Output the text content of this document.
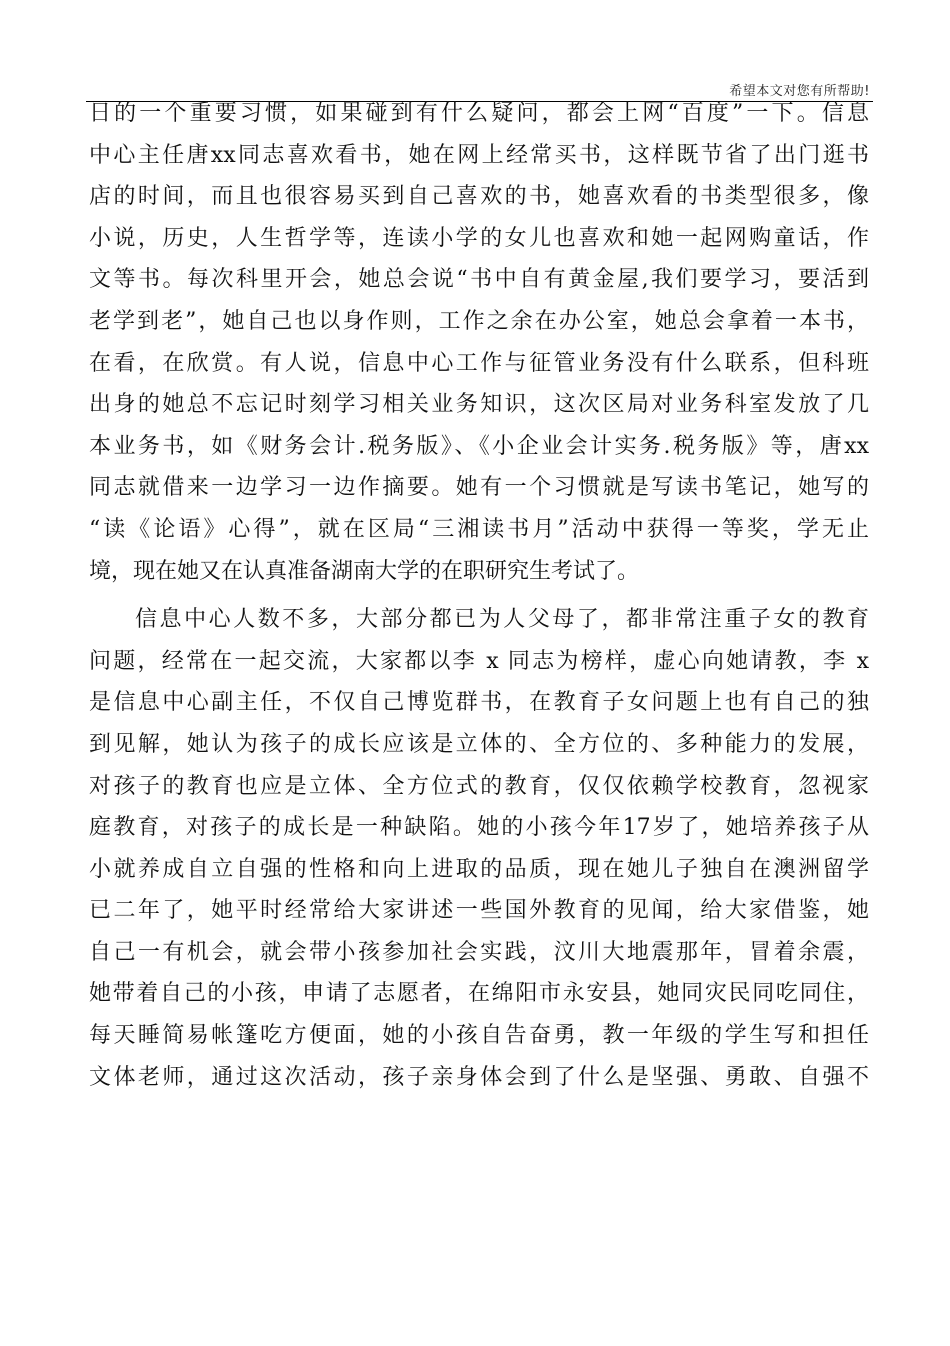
希望本文对您有所帮助!
日的一个重要习惯，如果碰到有什么疑问，都会上网“百度”一下。信息
中心主任唐xx同志喜欢看书，她在网上经常买书，这样既节省了出门逛书
店的时间，而且也很容易买到自己喜欢的书，她喜欢看的书类型很多，像
小说，历史，人生哲学等，连读小学的女儿也喜欢和她一起网购童话，作
文等书。每次科里开会，她总会说“书中自有黄金屋,我们要学习，要活到
老学到老”，她自己也以身作则，工作之余在办公室，她总会拿着一本书，
在看，在欣赏。有人说，信息中心工作与征管业务没有什么联系，但科班
出身的她总不忘记时刻学习相关业务知识，这次区局对业务科室发放了几
本业务书，如《财务会计.税务版》、《小企业会计实务.税务版》等，唐xx
同志就借来一边学习一边作摘要。她有一个习惯就是写读书笔记，她写的
“读《论语》心得”，就在区局“三湘读书月”活动中获得一等奖，学无止
境，现在她又在认真准备湖南大学的在职研究生考试了。
信息中心人数不多，大部分都已为人父母了，都非常注重子女的教育
问题，经常在一起交流，大家都以李 x 同志为榜样，虚心向她请教，李 x
是信息中心副主任，不仅自己博览群书，在教育子女问题上也有自己的独
到见解，她认为孩子的成长应该是立体的、全方位的、多种能力的发展，
对孩子的教育也应是立体、全方位式的教育，仅仅依赖学校教育，忽视家
庭教育，对孩子的成长是一种缺陷。她的小孩今年17岁了，她培养孩子从
小就养成自立自强的性格和向上进取的品质，现在她儿子独自在澳洲留学
已二年了，她平时经常给大家讲述一些国外教育的见闻，给大家借鉴，她
自己一有机会，就会带小孩参加社会实践，汶川大地震那年，冒着余震，
她带着自己的小孩，申请了志愿者，在绵阳市永安县，她同灾民同吃同住，
每天睡简易帐篷吃方便面，她的小孩自告奋勇，教一年级的学生写和担任
文体老师，通过这次活动，孩子亲身体会到了什么是坚强、勇敢、自强不
